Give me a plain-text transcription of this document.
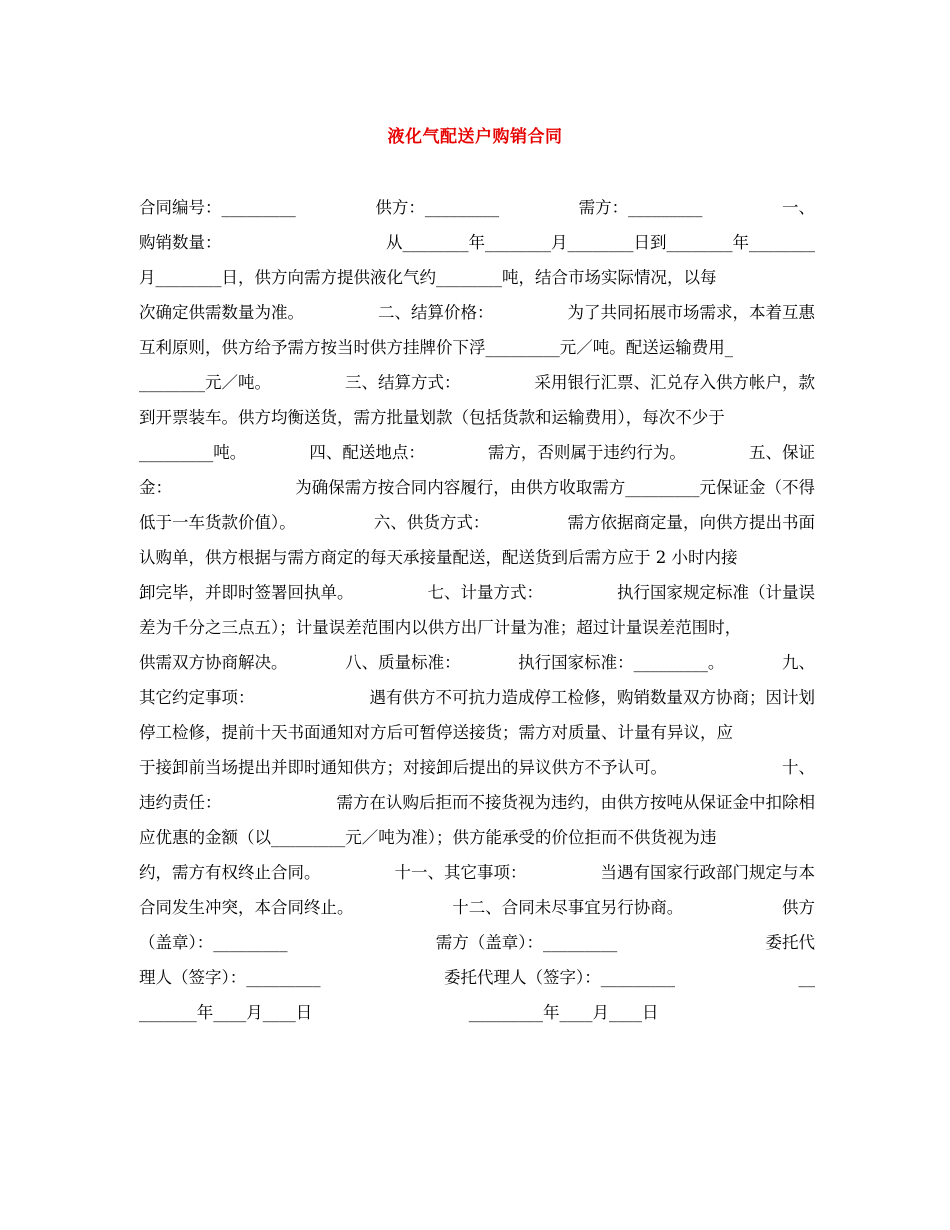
液化气配送户购销合同
合同编号：_________	供方：_________	需方：_________	一、
购销数量：	从________年________月________日到________年________
月________日，供方向需方提供液化气约________吨，结合市场实际情况，以每
次确定供需数量为准。	二、结算价格：	为了共同拓展市场需求，本着互惠
互利原则，供方给予需方按当时供方挂牌价下浮_________元／吨。配送运输费用_
________元／吨。	三、结算方式：	采用银行汇票、汇兑存入供方帐户，款
到开票装车。供方均衡送货，需方批量划款（包括货款和运输费用），每次不少于
_________吨。	四、配送地点：	需方，否则属于违约行为。	五、保证
金：	为确保需方按合同内容履行，由供方收取需方_________元保证金（不得
低于一车货款价值）。	六、供货方式：	需方依据商定量，向供方提出书面
认购单，供方根据与需方商定的每天承接量配送，配送货到后需方应于 2 小时内接
卸完毕，并即时签署回执单。	七、计量方式：	执行国家规定标准（计量误
差为千分之三点五）；计量误差范围内以供方出厂计量为准；超过计量误差范围时，
供需双方协商解决。	八、质量标准：	执行国家标准：_________。	九、
其它约定事项：	遇有供方不可抗力造成停工检修，购销数量双方协商；因计划
停工检修，提前十天书面通知对方后可暂停送接货；需方对质量、计量有异议，应
于接卸前当场提出并即时通知供方；对接卸后提出的异议供方不予认可。	十、
违约责任：	需方在认购后拒而不接货视为违约，由供方按吨从保证金中扣除相
应优惠的金额（以_________元／吨为准）；供方能承受的价位拒而不供货视为违
约，需方有权终止合同。	十一、其它事项：	当遇有国家行政部门规定与本
合同发生冲突，本合同终止。	十二、合同未尽事宜另行协商。	供方
（盖章）：_________	需方（盖章）：_________	委托代
理人（签字）：_________	委托代理人（签字）：_________	__
_______年____月____日	_________年____月____日
